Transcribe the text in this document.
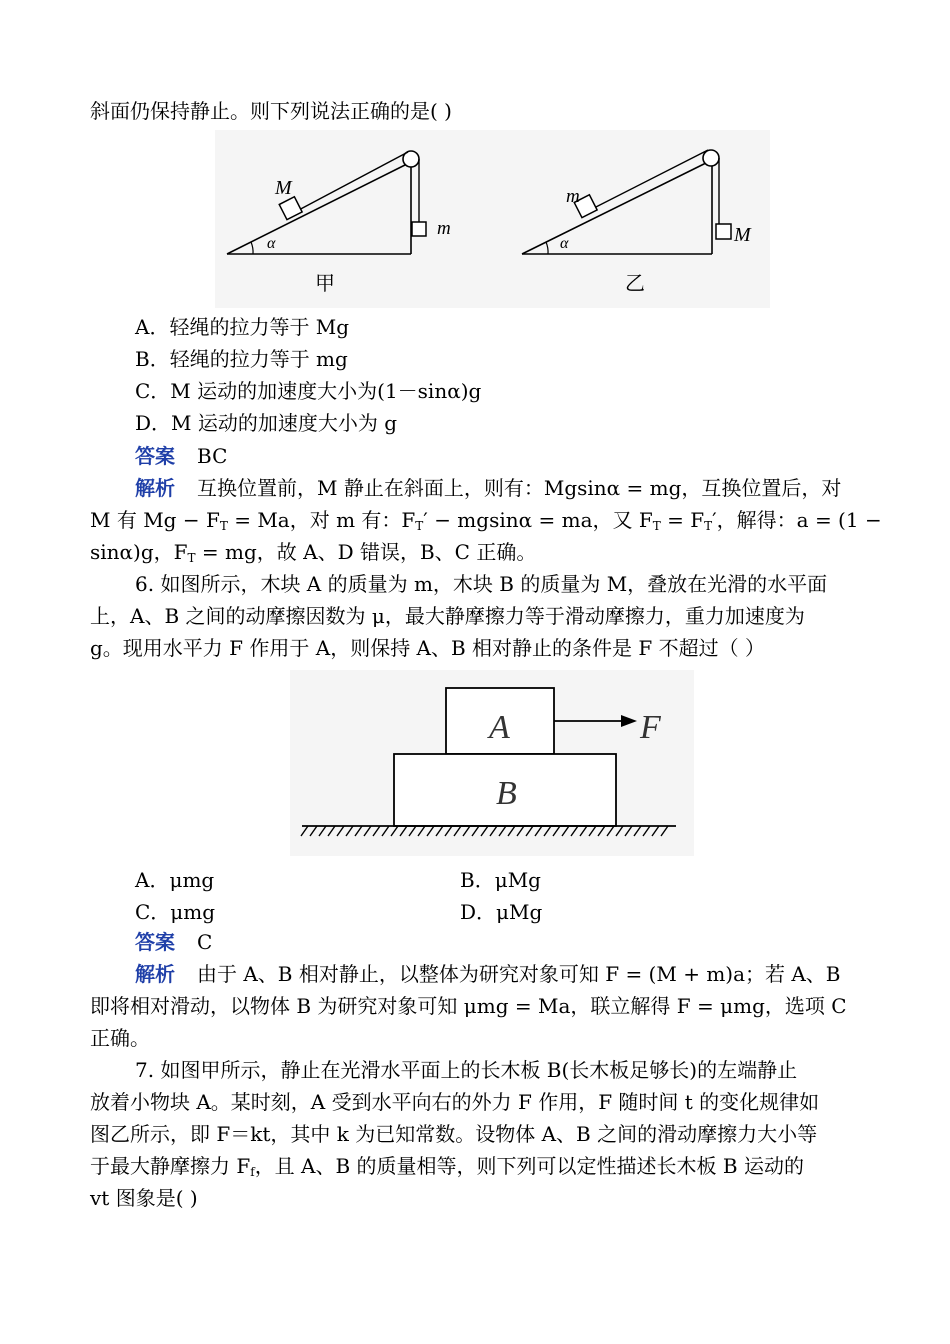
斜面仍保持静止。则下列说法正确的是( )
M
m
α
甲
m
M
α
乙
A．轻绳的拉力等于 Mg
B．轻绳的拉力等于 mg
C．M 运动的加速度大小为(1－sinα)g
D．M 运动的加速度大小为 g
答案 BC
解析 互换位置前，M 静止在斜面上，则有：Mgsinα = mg，互换位置后，对
M 有 $Mg - F_T = Ma$，对 m 有：$F_T' - mgsin\alpha$ = ma，又 $F_T = F_T'$，解得：a = (1 −
sinα)g，$F_T$ = mg，故 A、D 错误，B、C 正确。
6. 如图所示，木块 A 的质量为 m，木块 B 的质量为 M，叠放在光滑的水平面
上，A、B 之间的动摩擦因数为 μ，最大静摩擦力等于滑动摩擦力，重力加速度为
g。现用水平力 F 作用于 A，则保持 A、B 相对静止的条件是 F 不超过（ ）
A
B
F
A．μmg	B．μMg
C．μmg	D．μMg
答案 C
解析 由于 A、B 相对静止，以整体为研究对象可知 F = (M + m)a；若 A、B
即将相对滑动，以物体 B 为研究对象可知 μmg = Ma，联立解得 F = μmg，选项 C
正确。
7. 如图甲所示，静止在光滑水平面上的长木板 B(长木板足够长)的左端静止
放着小物块 A。某时刻，A 受到水平向右的外力 F 作用，F 随时间 t 的变化规律如
图乙所示，即 F＝kt，其中 k 为已知常数。设物体 A、B 之间的滑动摩擦力大小等
于最大静摩擦力 $F_f$，且 A、B 的质量相等，则下列可以定性描述长木板 B 运动的
vt 图象是( )
